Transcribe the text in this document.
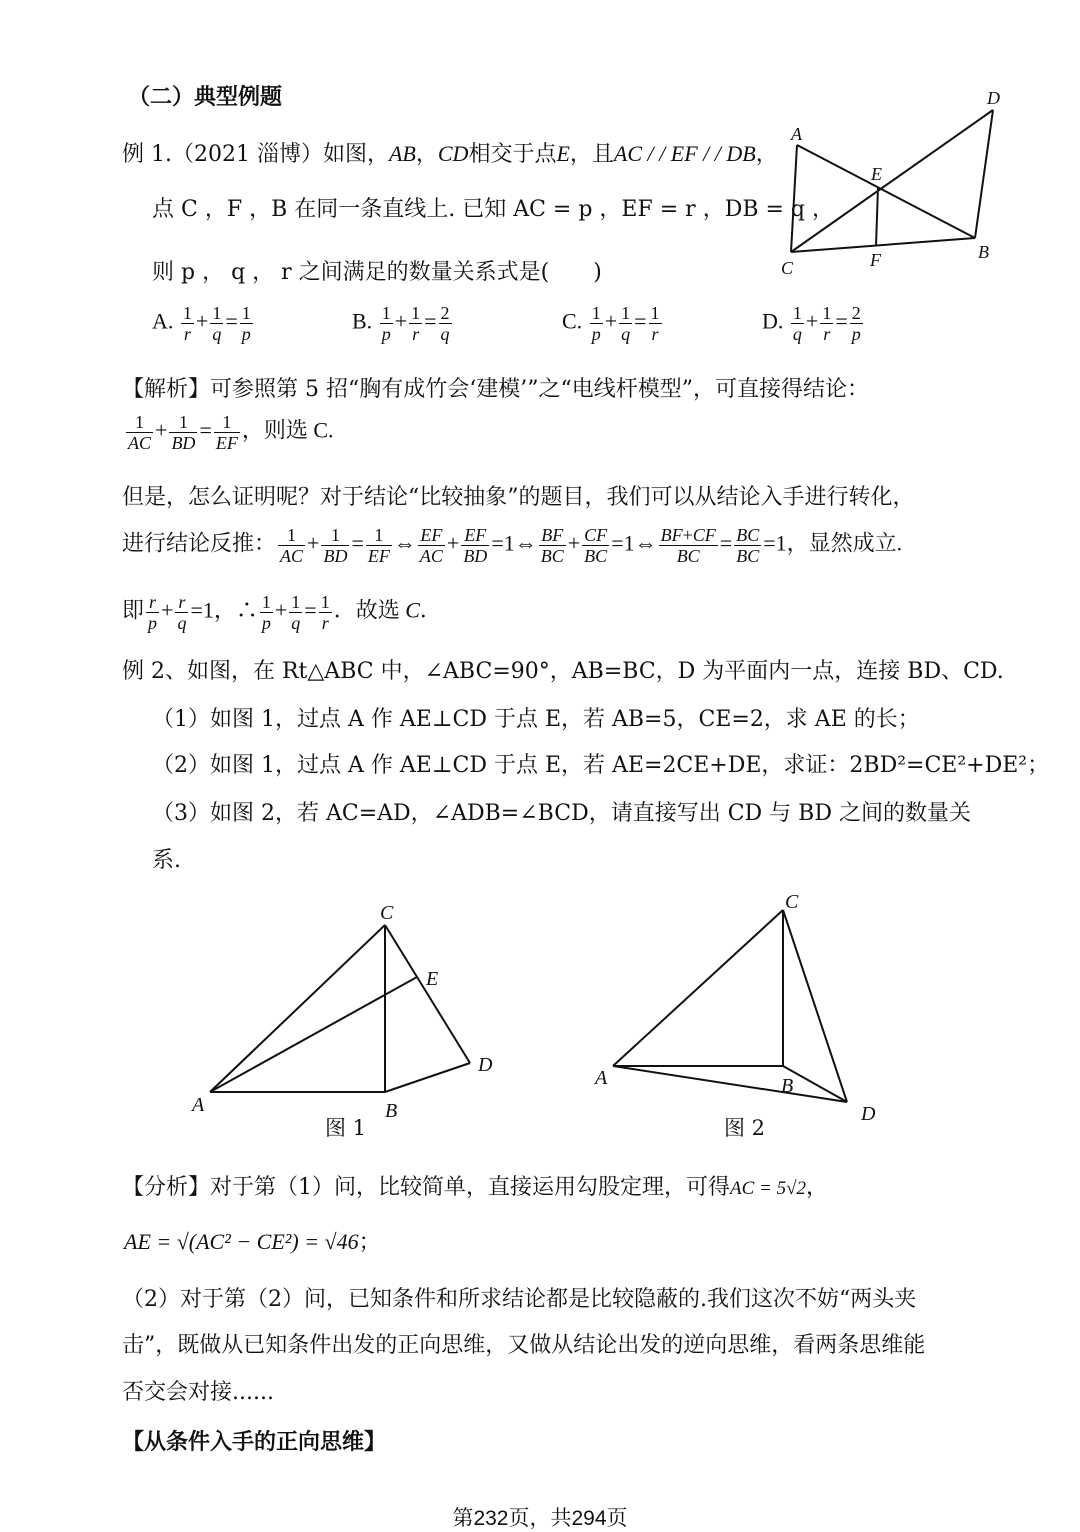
（二）典型例题
例 1.（2021 淄博）如图，AB，CD相交于点E，且AC / / EF / / DB，
点 C ，F ，B 在同一条直线上. 已知 AC = p ，EF = r ，DB = q ，
则 p ， q ， r 之间满足的数量关系式是(　　)
A
D
E
C	F	B
A. $\frac{1}{r} + \frac{1}{q} = \frac{1}{p}$	B. $\frac{1}{p} + \frac{1}{r} = \frac{2}{q}$	C. $\frac{1}{p} + \frac{1}{q} = \frac{1}{r}$	D. $\frac{1}{q} + \frac{1}{r} = \frac{2}{p}$
【解析】可参照第 5 招“胸有成竹会‘建模’”之“电线杆模型”，可直接得结论：
$\frac{1}{AC} + \frac{1}{BD} = \frac{1}{EF}$ ，则选 C.
但是，怎么证明呢？对于结论“比较抽象”的题目，我们可以从结论入手进行转化，
进行结论反推： $\frac{1}{AC} + \frac{1}{BD} = \frac{1}{EF}$ ⇔ $\frac{EF}{AC} + \frac{EF}{BD}$ =1⇔ $\frac{BF}{BC} + \frac{CF}{BC}$ =1⇔ $\frac{BF+CF}{BC} = \frac{BC}{BC} =1$，显然成立.
即 $\frac{r}{p} + \frac{r}{q} =1$，∴ $\frac{1}{p} + \frac{1}{q} = \frac{1}{r}$ ．故选 C．
例 2、如图，在 Rt△ABC 中，∠ABC=90°，AB=BC，D 为平面内一点，连接 BD、CD.
（1）如图 1，过点 A 作 AE⊥CD 于点 E，若 AB=5，CE=2，求 AE 的长；
（2）如图 1，过点 A 作 AE⊥CD 于点 E，若 AE=2CE+DE，求证：2BD²=CE²+DE²；
（3）如图 2，若 AC=AD，∠ADB=∠BCD，请直接写出 CD 与 BD 之间的数量关
系.
C
E
D
A	B
图 1
C
A	B
D
图 2
【分析】对于第（1）问，比较简单，直接运用勾股定理，可得AC = 5√2，
AE = √(AC² − CE²) = √46；
（2）对于第（2）问，已知条件和所求结论都是比较隐蔽的.我们这次不妨“两头夹
击”，既做从已知条件出发的正向思维，又做从结论出发的逆向思维，看两条思维能
否交会对接......
【从条件入手的正向思维】
第232页，共294页
